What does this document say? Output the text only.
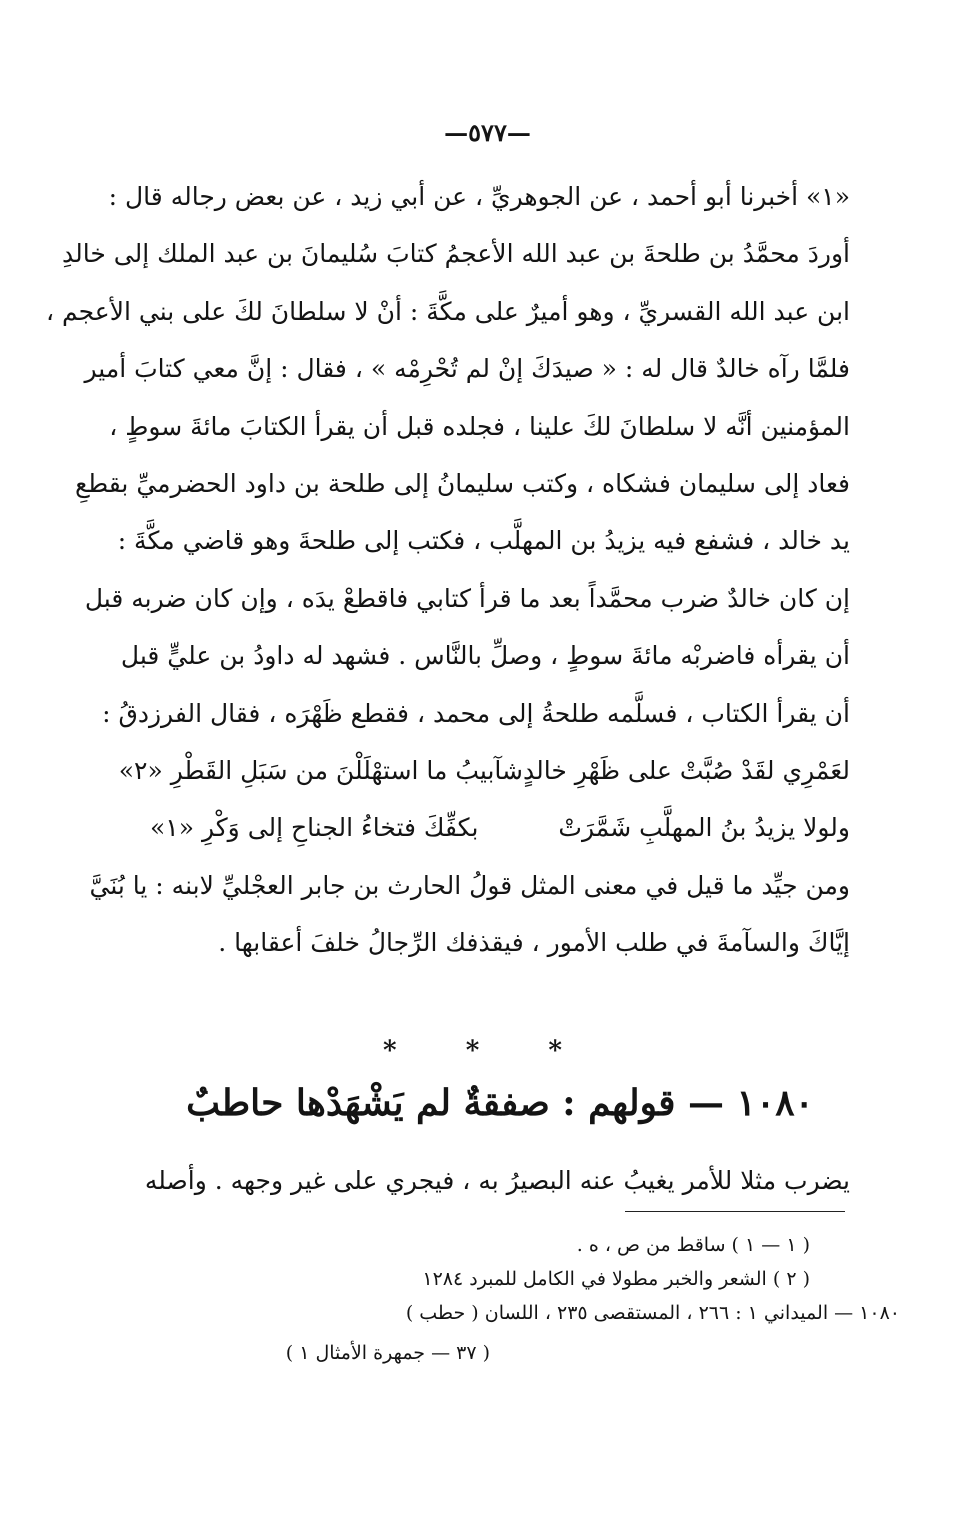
—٥٧٧—
«١» أخبرنا أبو أحمد ، عن الجوهريِّ ، عن أبي زيد ، عن بعض رجاله قال :
أوردَ محمَّدُ بن طلحةَ بن عبد الله الأعجمُ كتابَ سُليمانَ بن عبد الملك إلى خالدِ
ابن عبد الله القسريِّ ، وهو أميرٌ على مكَّةَ : أنْ لا سلطانَ لكَ على بني الأعجم ،
فلمَّا رآه خالدٌ قال له : « صيدَكَ إنْ لم تُحْرِمْه » ، فقال : إنَّ معي كتابَ أمير
المؤمنين أنَّه لا سلطانَ لكَ علينا ، فجلده قبل أن يقرأ الكتابَ مائةَ سوطٍ ،
فعاد إلى سليمان فشكاه ، وكتب سليمانُ إلى طلحة بن داود الحضرميِّ بقطعِ
يد خالد ، فشفع فيه يزيدُ بن المهلَّب ، فكتب إلى طلحةَ وهو قاضي مكَّةَ :
إن كان خالدٌ ضرب محمَّداً بعد ما قرأ كتابي فاقطعْ يدَه ، وإن كان ضربه قبل
أن يقرأه فاضربْه مائةَ سوطٍ ، وصلِّ بالنَّاس . فشهد له داودُ بن عليٍّ قبل
أن يقرأ الكتاب ، فسلَّمه طلحةُ إلى محمد ، فقطع ظَهْرَه ، فقال الفرزدقُ :
لعَمْرِي لقَدْ صُبَّتْ على ظَهْرِ خالدٍ
شآبيبُ ما استهْلَلْنَ من سَبَلِ القَطْرِ «٢»
ولولا يزيدُ بنُ المهلَّبِ شَمَّرَتْ
بكفِّكَ فتخاءُ الجناحِ إلى وَكْرِ «١»
ومن جيِّد ما قيل في معنى المثل قولُ الحارث بن جابر العجْليِّ لابنه : يا بُنَيَّ
إيَّاكَ والسآمةَ في طلب الأمور ، فيقذفك الرِّجالُ خلفَ أعقابها .
* * *
١٠٨٠ — قولهم : صفقةٌ لم يَشْهَدْها حاطبٌ
يضرب مثلا للأمر يغيبُ عنه البصيرُ به ، فيجري على غير وجهه . وأصله
( ١ — ١ ) ساقط من ص ، ه .
( ٢ ) الشعر والخبر مطولا في الكامل للمبرد ١٢٨٤
١٠٨٠ — الميداني ١ : ٢٦٦ ، المستقصى ٢٣٥ ، اللسان ( حطب )
( ٣٧ — جمهرة الأمثال ١ )
